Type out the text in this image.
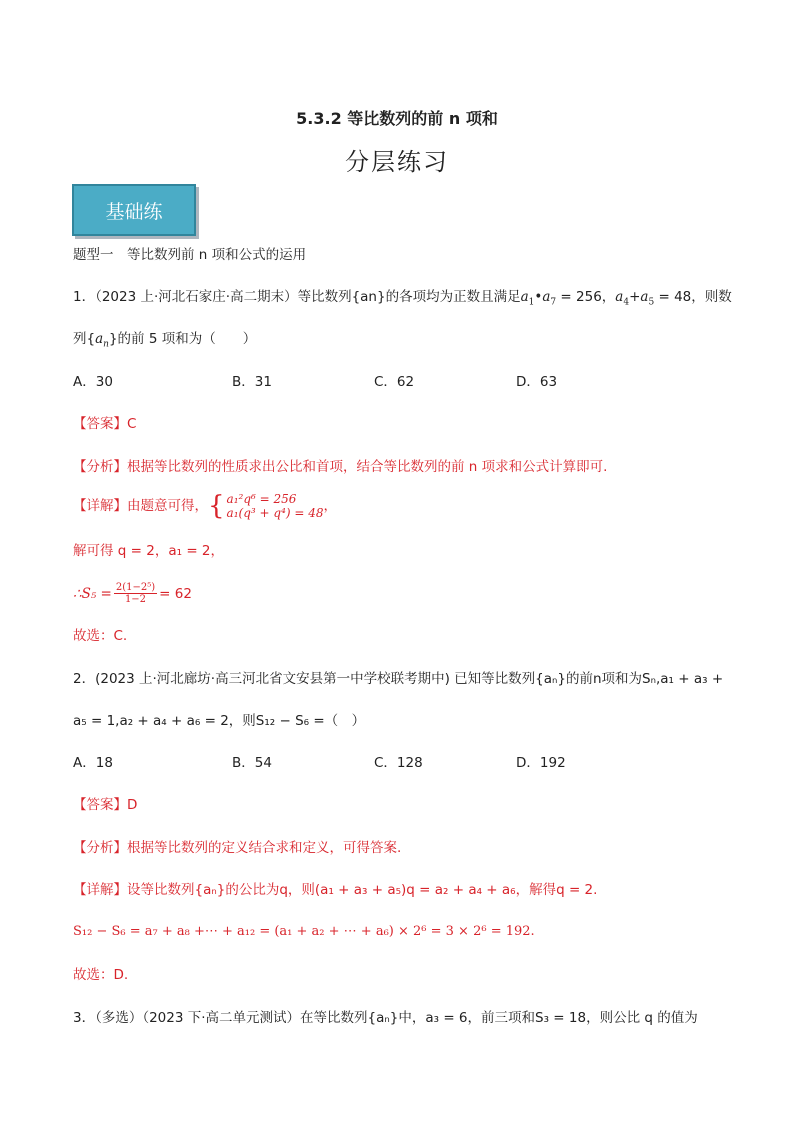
5.3.2 等比数列的前 n 项和
分层练习
基础练
题型一　等比数列前 n 项和公式的运用
1．（2023 上·河北石家庄·高二期末）等比数列{an}的各项均为正数且满足$a_1•a_7 = 256$，$a_4+a_5 = 48$，则数
列$\{a_n\}$的前 5 项和为（　　）
A．30	B．31	C．62	D．63
【答案】C
【分析】根据等比数列的性质求出公比和首项，结合等比数列的前 n 项求和公式计算即可.
【详解】由题意可得， { a₁²q⁶ = 256
a₁(q³ + q⁴) = 48 ，
解可得 q = 2，a₁ = 2，
∴S₅ = $\frac{\text{2(1−2⁵)}}{1-2} = 62$
故选：C.
2．(2023 上·河北廊坊·高三河北省文安县第一中学校联考期中) 已知等比数列{aₙ}的前n项和为Sₙ,a₁ + a₃ +
a₅ = 1,a₂ + a₄ + a₆ = 2，则S₁₂ − S₆ =（　）
A．18	B．54	C．128	D．192
【答案】D
【分析】根据等比数列的定义结合求和定义，可得答案.
【详解】设等比数列{aₙ}的公比为q，则(a₁ + a₃ + a₅)q = a₂ + a₄ + a₆，解得q = 2.
S₁₂ − S₆ = a₇ + a₈ +⋯ + a₁₂ = (a₁ + a₂ + ⋯ + a₆) × 2⁶ = 3 × 2⁶ = 192.
故选：D.
3．（多选）（2023 下·高二单元测试）在等比数列{aₙ}中，a₃ = 6，前三项和S₃ = 18，则公比 q 的值为
